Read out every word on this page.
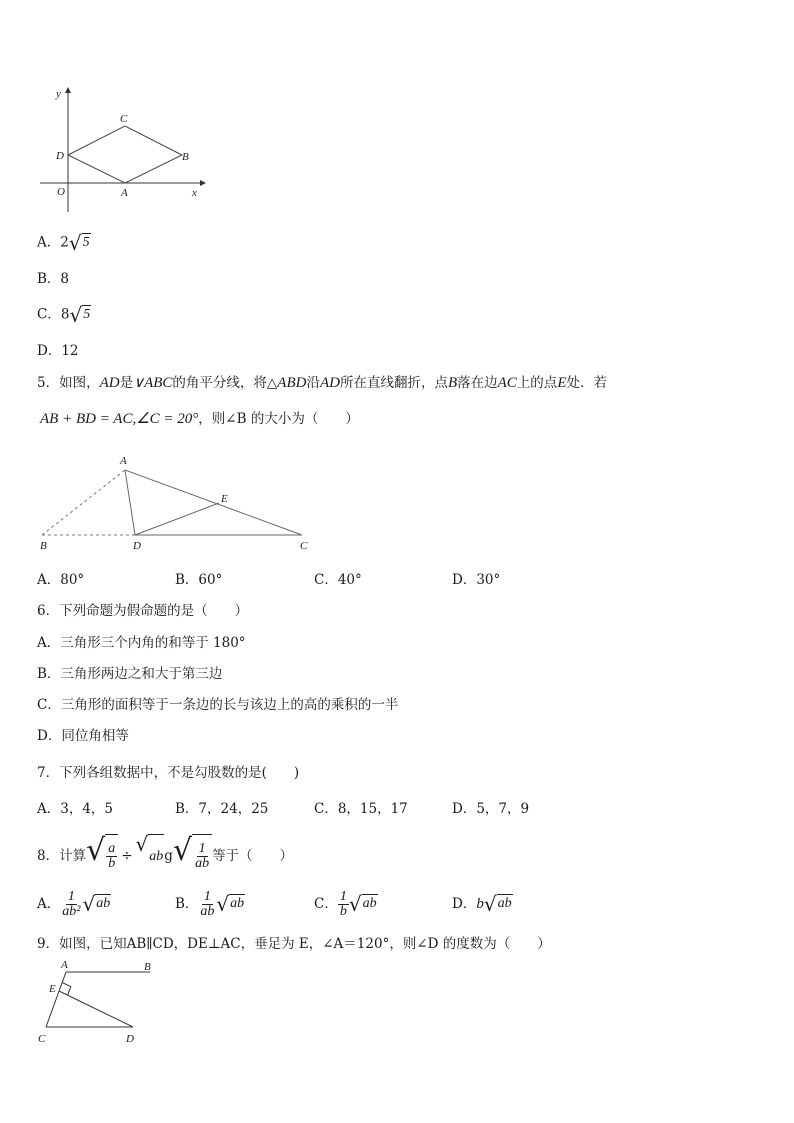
y
x
O	A
B
C
D
A．2 √ 5
B．8
C．8 √ 5
D．12
5．如图，AD是∨ABC的角平分线，将△ABD沿AD所在直线翻折，点B落在边AC上的点E处．若
AB + BD = AC,∠C = 20°，则∠B 的大小为（　　）
A
B	D	C
E
A．80°	B．60°	C．40°	D．30°
6．下列命题为假命题的是（　　）
A．三角形三个内角的和等于 180°
B．三角形两边之和大于第三边
C．三角形的面积等于一条边的长与该边上的高的乘积的一半
D．同位角相等
7．下列各组数据中，不是勾股数的是(　　)
A．3，4，5	B．7，24，25	C．8，15，17	D．5，7，9
8．计算 √ $\frac{a}{b}$ ÷
√
ab g √ $\frac{1}{ab}$ 等于（　　）
A． $\frac{1}{\text{ab²}}$ √ ab	B． $\frac{1}{ab}$ √ ab	C． $\frac{1}{b}$ √ ab	D． b √ ab
9．如图，已知AB∥CD，DE⊥AC，垂足为 E，∠A＝120°，则∠D 的度数为（　　）
A	B
E
C	D
